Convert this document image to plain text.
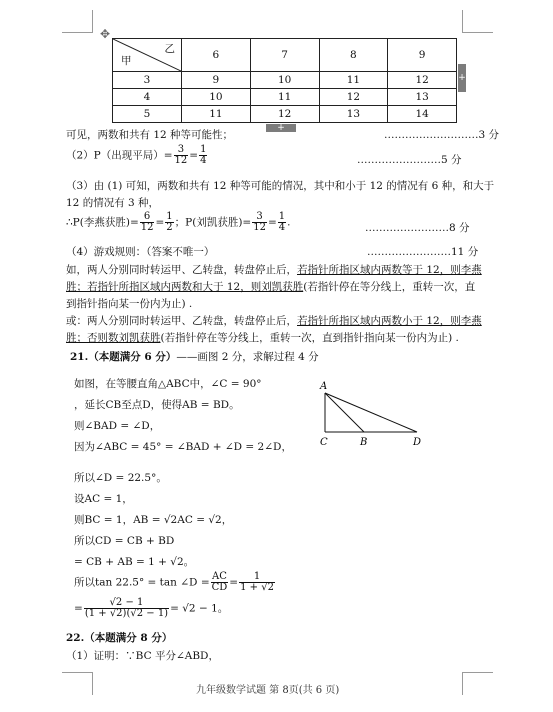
✥
+
+
甲
乙	6	7	8	9
3	9	10	11	12
4	10	11	12	13
5	11	12	13	14
可见，两数和共有 12 种等可能性；	………………………3 分
（2）P（出现平局）= $\frac{3}{12} = \frac{1}{4}$	……………………5 分
（3）由 (1) 可知，两数和共有 12 种等可能的情况，其中和小于 12 的情况有 6 种，和大于
12 的情况有 3 种，
∴P(李燕获胜)= $\frac{6}{12} = \frac{1}{2}$ ；P(刘凯获胜)= $\frac{3}{12} = \frac{1}{4}$ .	……………………8 分
（4）游戏规则：（答案不唯一）	……………………11 分
如，两人分别同时转运甲、乙转盘，转盘停止后，若指针所指区域内两数等于 12，则李燕
胜；若指针所指区域内两数和大于 12，则刘凯获胜(若指针停在等分线上，重转一次，直
到指针指向某一份内为止) .
或：两人分别同时转运甲、乙转盘，转盘停止后，若指针所指区域内两数小于 12，则李燕
胜；否则数刘凯获胜(若指针停在等分线上，重转一次，直到指针指向某一份内为止) .
21.（本题满分 6 分）——画图 2 分，求解过程 4 分
如图，在等腰直角△ABC中，∠C = 90°
，延长CB至点D，使得AB = BD。
则∠BAD = ∠D，
因为∠ABC = 45° = ∠BAD + ∠D = 2∠D，
所以∠D = 22.5°。
设AC = 1，
则BC = 1，AB = √2AC = √2，
所以CD = CB + BD
= CB + AB = 1 + √2。
所以tan 22.5° = tan ∠D = $\frac{AC}{CD} = \frac{1}{1 + √2}$
= $\frac{√2 - 1}{(1 + √2)(√2 - 1)} = √2 - 1$。
A
C	B	D
22.（本题满分 8 分）
（1）证明：∵BC 平分∠ABD，
九年级数学试题 第 8页(共 6 页)
